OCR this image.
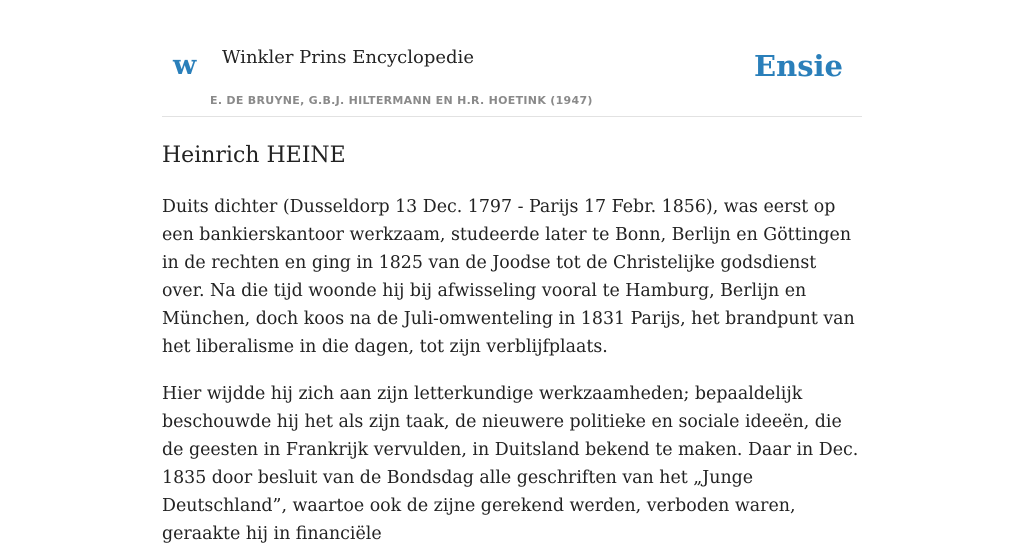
w Winkler Prins Encyclopedie
E. DE BRUYNE, G.B.J. HILTERMANN EN H.R. HOETINK (1947)
Ensie
Heinrich HEINE

Duits dichter (Dusseldorp 13 Dec. 1797 - Parijs 17 Febr. 1856), was eerst op een bankierskantoor werkzaam, studeerde later te Bonn, Berlijn en Göttingen in de rechten en ging in 1825 van de Joodse tot de Christelijke godsdienst over. Na die tijd woonde hij bij afwisseling vooral te Hamburg, Berlijn en München, doch koos na de Juli-omwenteling in 1831 Parijs, het brandpunt van het liberalisme in die dagen, tot zijn verblijfplaats.

Hier wijdde hij zich aan zijn letterkundige werkzaamheden; bepaaldelijk beschouwde hij het als zijn taak, de nieuwere politieke en sociale ideeën, die de geesten in Frankrijk vervulden, in Duitsland bekend te maken. Daar in Dec. 1835 door besluit van de Bondsdag alle geschriften van het „Junge Deutschland”, waartoe ook de zijne gerekend werden, verboden waren, geraakte hij in financiële
